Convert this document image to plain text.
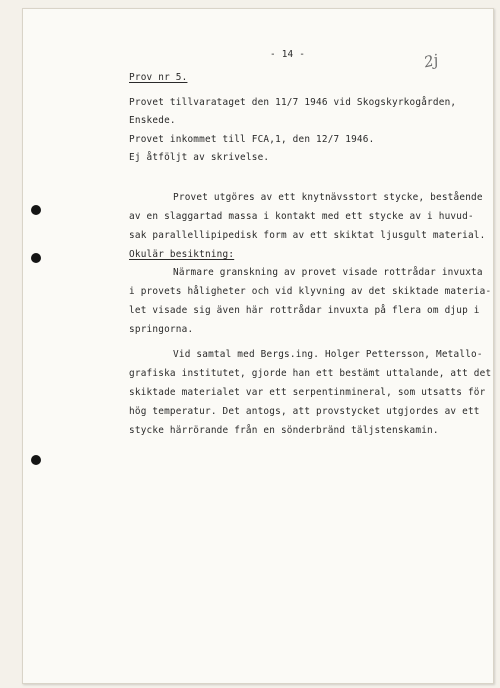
- 14 -	2j
Prov nr 5.
Provet tillvarataget den 11/7 1946 vid Skogskyrkogården,
Enskede.
Provet inkommet till FCA,1, den 12/7 1946.
Ej åtföljt av skrivelse.
Provet utgöres av ett knytnävsstort stycke, bestående
av en slaggartad massa i kontakt med ett stycke av i huvud-
sak parallellipipedisk form av ett skiktat ljusgult material.
Okulär besiktning:
Närmare granskning av provet visade rottrådar invuxta
i provets håligheter och vid klyvning av det skiktade materia-
let visade sig även här rottrådar invuxta på flera om djup i
springorna.
Vid samtal med Bergs.ing. Holger Pettersson, Metallo-
grafiska institutet, gjorde han ett bestämt uttalande, att det
skiktade materialet var ett serpentinmineral, som utsatts för
hög temperatur. Det antogs, att provstycket utgjordes av ett
stycke härrörande från en sönderbränd täljstenskamin.
